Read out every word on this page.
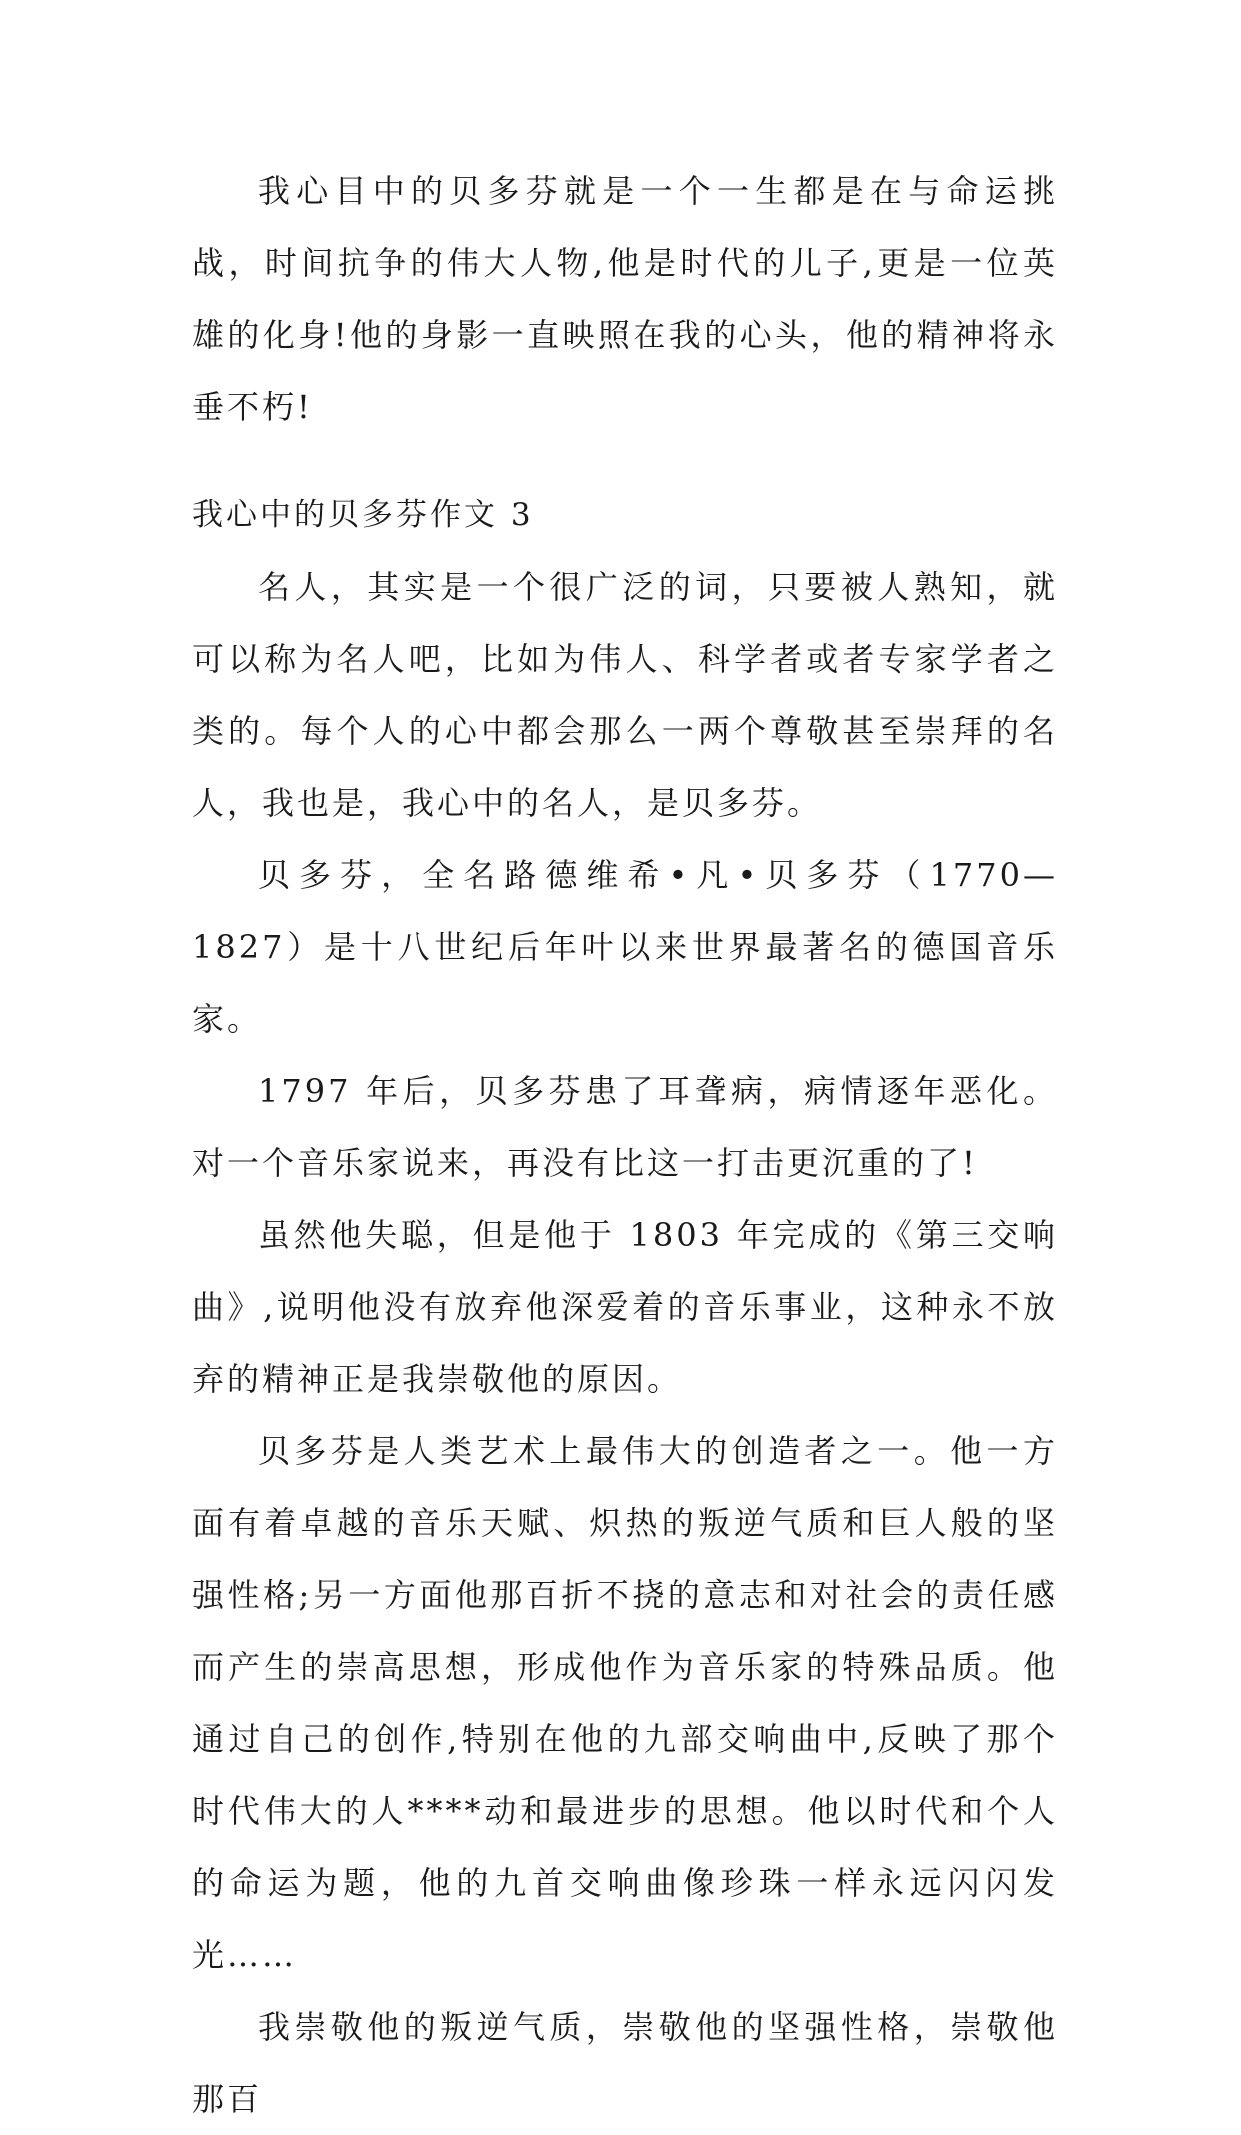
我心目中的贝多芬就是一个一生都是在与命运挑战，时间抗争的伟大人物,他是时代的儿子,更是一位英雄的化身!他的身影一直映照在我的心头，他的精神将永垂不朽!

我心中的贝多芬作文 3

名人，其实是一个很广泛的词，只要被人熟知，就可以称为名人吧，比如为伟人、科学者或者专家学者之类的。每个人的心中都会那么一两个尊敬甚至崇拜的名人，我也是，我心中的名人，是贝多芬。

贝多芬，全名路德维希•凡•贝多芬（1770—1827）是十八世纪后年叶以来世界最著名的德国音乐家。

1797 年后，贝多芬患了耳聋病，病情逐年恶化。对一个音乐家说来，再没有比这一打击更沉重的了!

虽然他失聪，但是他于 1803 年完成的《第三交响曲》,说明他没有放弃他深爱着的音乐事业，这种永不放弃的精神正是我崇敬他的原因。

贝多芬是人类艺术上最伟大的创造者之一。他一方面有着卓越的音乐天赋、炽热的叛逆气质和巨人般的坚强性格;另一方面他那百折不挠的意志和对社会的责任感而产生的崇高思想，形成他作为音乐家的特殊品质。他通过自己的创作,特别在他的九部交响曲中,反映了那个时代伟大的人****动和最进步的思想。他以时代和个人的命运为题，他的九首交响曲像珍珠一样永远闪闪发光……

我崇敬他的叛逆气质，崇敬他的坚强性格，崇敬他那百
